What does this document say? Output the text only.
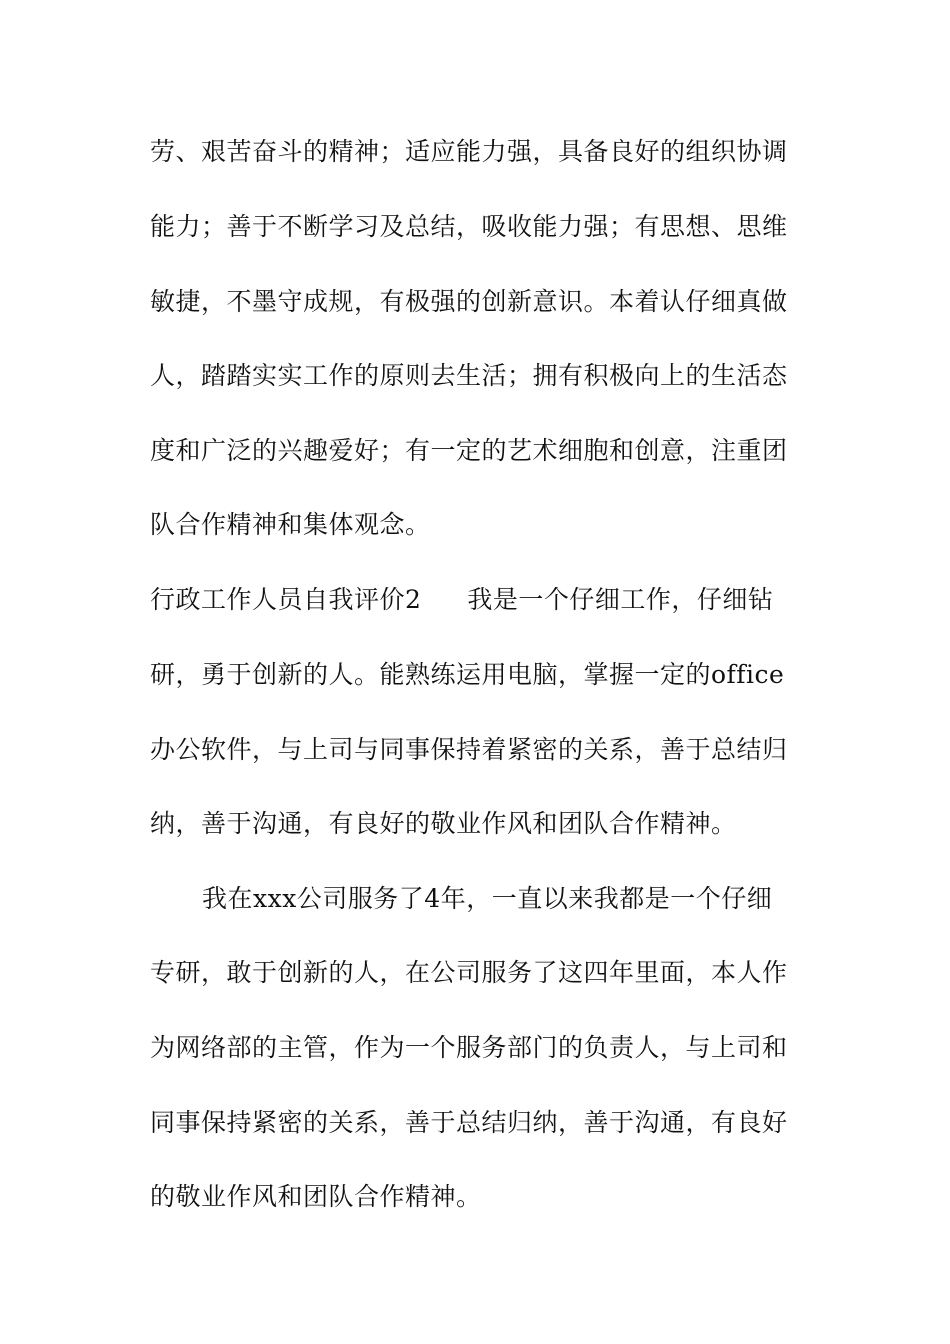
劳、艰苦奋斗的精神；适应能力强，具备良好的组织协调
能力；善于不断学习及总结，吸收能力强；有思想、思维
敏捷，不墨守成规，有极强的创新意识。本着认仔细真做
人，踏踏实实工作的原则去生活；拥有积极向上的生活态
度和广泛的兴趣爱好；有一定的艺术细胞和创意，注重团
队合作精神和集体观念。
行政工作人员自我评价2 我是一个仔细工作，仔细钻
研，勇于创新的人。能熟练运用电脑，掌握一定的office
办公软件，与上司与同事保持着紧密的关系，善于总结归
纳，善于沟通，有良好的敬业作风和团队合作精神。
我在xxx公司服务了4年，一直以来我都是一个仔细
专研，敢于创新的人，在公司服务了这四年里面，本人作
为网络部的主管，作为一个服务部门的负责人，与上司和
同事保持紧密的关系，善于总结归纳，善于沟通，有良好
的敬业作风和团队合作精神。
